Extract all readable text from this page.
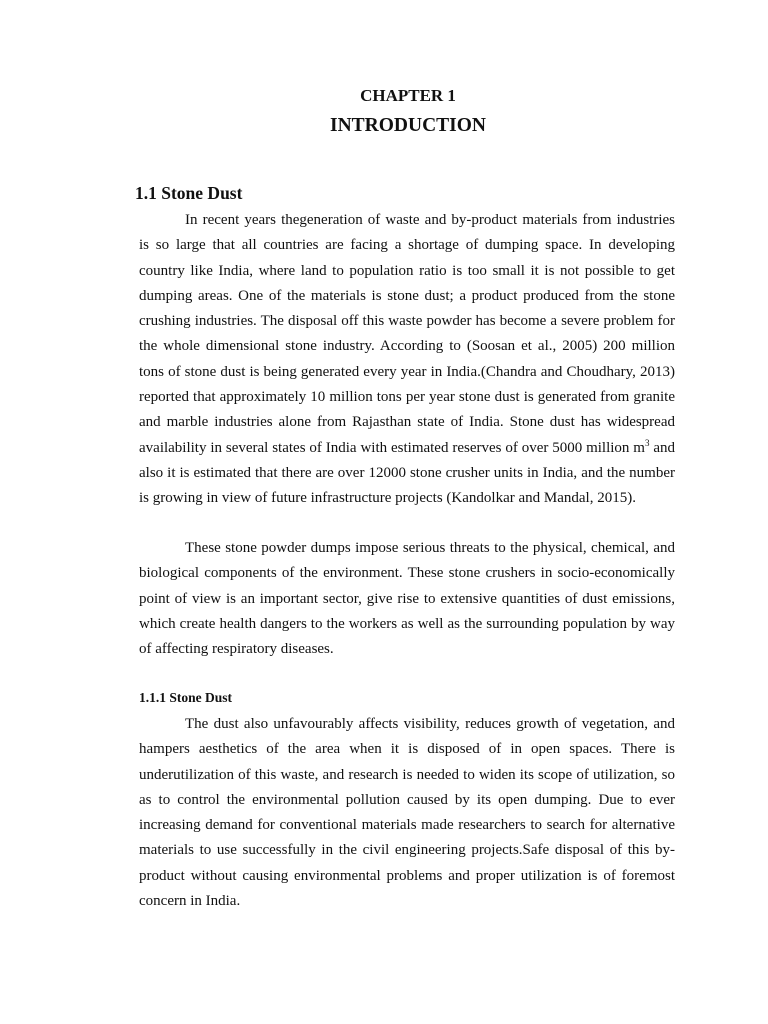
CHAPTER 1
INTRODUCTION
1.1 Stone Dust

In recent years thegeneration of waste and by-product materials from industries is so large that all countries are facing a shortage of dumping space. In developing country like India, where land to population ratio is too small it is not possible to get dumping areas. One of the materials is stone dust; a product produced from the stone crushing industries. The disposal off this waste powder has become a severe problem for the whole dimensional stone industry. According to (Soosan et al., 2005) 200 million tons of stone dust is being generated every year in India.(Chandra and Choudhary, 2013) reported that approximately 10 million tons per year stone dust is generated from granite and marble industries alone from Rajasthan state of India. Stone dust has widespread availability in several states of India with estimated reserves of over 5000 million $m^3$ and also it is estimated that there are over 12000 stone crusher units in India, and the number is growing in view of future infrastructure projects (Kandolkar and Mandal, 2015).

These stone powder dumps impose serious threats to the physical, chemical, and biological components of the environment. These stone crushers in socio-economically point of view is an important sector, give rise to extensive quantities of dust emissions, which create health dangers to the workers as well as the surrounding population by way of affecting respiratory diseases.

1.1.1 Stone Dust

The dust also unfavourably affects visibility, reduces growth of vegetation, and hampers aesthetics of the area when it is disposed of in open spaces. There is underutilization of this waste, and research is needed to widen its scope of utilization, so as to control the environmental pollution caused by its open dumping. Due to ever increasing demand for conventional materials made researchers to search for alternative materials to use successfully in the civil engineering projects.Safe disposal of this by-product without causing environmental problems and proper utilization is of foremost concern in India.
